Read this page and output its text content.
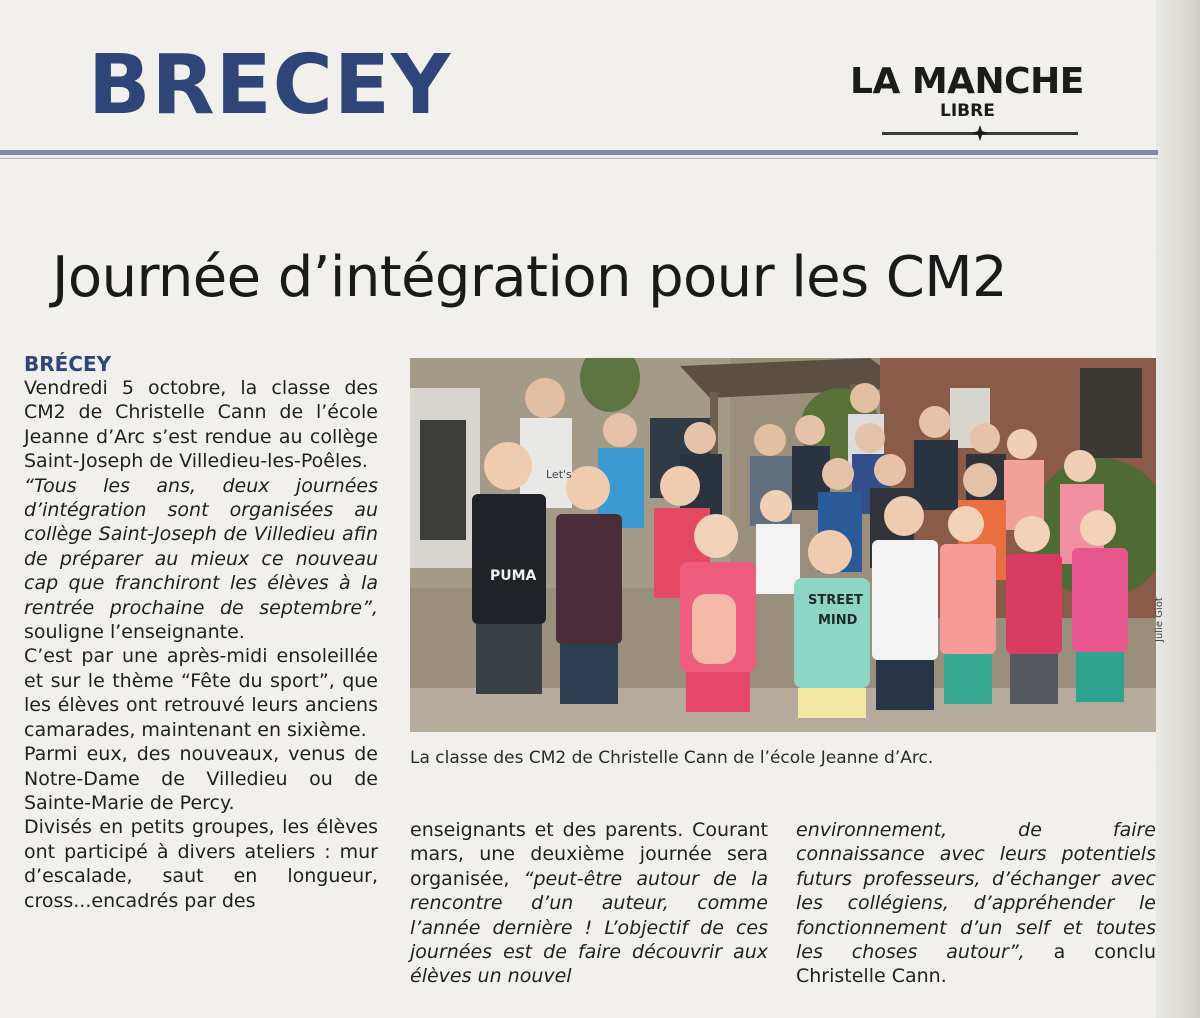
BRECEY	LA MANCHE

LIBRE

Journée d’intégration pour les CM2
BRÉCEY

Vendredi 5 octobre, la classe des CM2 de Christelle Cann de l’école Jeanne d’Arc s’est rendue au collège Saint-Joseph de Villedieu-les-Poêles.

“Tous les ans, deux journées d’intégration sont organisées au collège Saint-Joseph de Villedieu afin de préparer au mieux ce nouveau cap que franchiront les élèves à la rentrée prochaine de septembre”, souligne l’enseignante.

C’est par une après-midi ensoleillée et sur le thème “Fête du sport”, que les élèves ont retrouvé leurs anciens camarades, maintenant en sixième.

Parmi eux, des nouveaux, venus de Notre-Dame de Villedieu ou de Sainte-Marie de Percy.

Divisés en petits groupes, les élèves ont participé à divers ateliers : mur d’escalade, saut en longueur, cross...encadrés par des

PUMA
STREET
MIND
Let's

Julie Giot

La classe des CM2 de Christelle Cann de l’école Jeanne d’Arc.

enseignants et des parents. Courant mars, une deuxième journée sera organisée, “peut-être autour de la rencontre d’un auteur, comme l’année dernière ! L’objectif de ces journées est de faire découvrir aux élèves un nouvel

environnement, de faire connaissance avec leurs potentiels futurs professeurs, d’échanger avec les collégiens, d’appréhender le fonctionnement d’un self et toutes les choses autour”, a conclu Christelle Cann.
